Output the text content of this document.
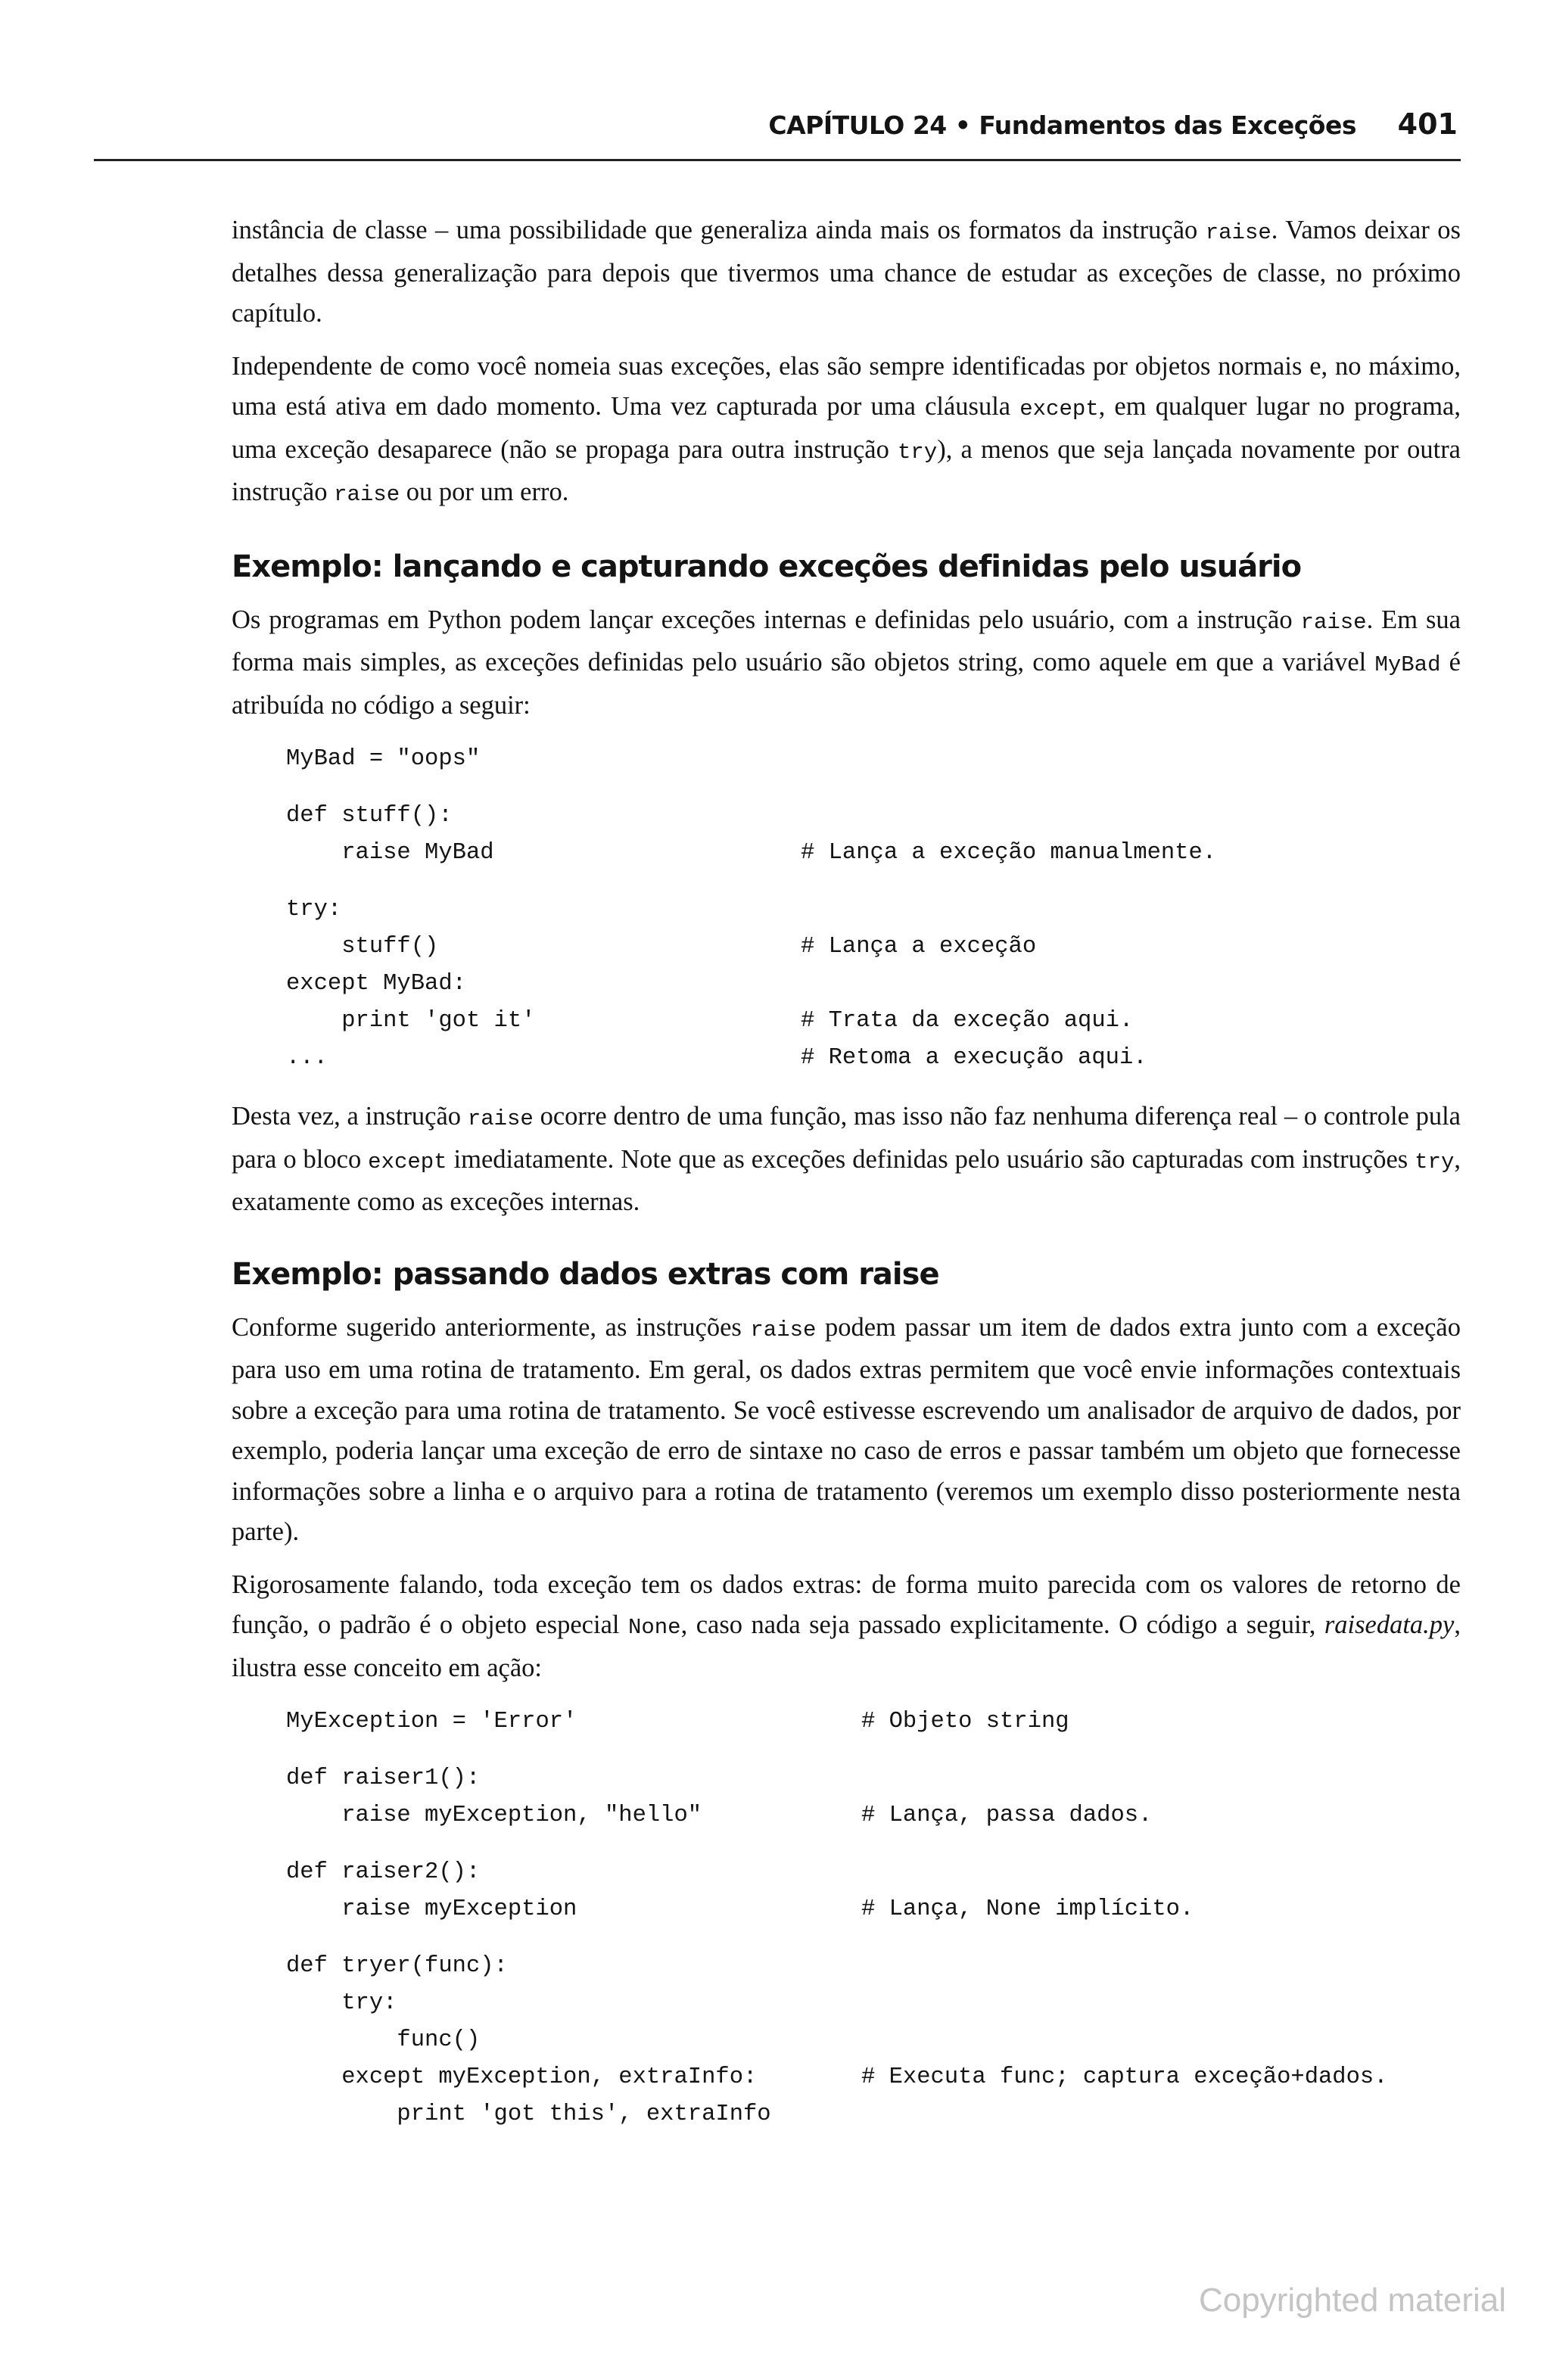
CAPÍTULO 24 • Fundamentos das Exceções 401

instância de classe – uma possibilidade que generaliza ainda mais os formatos da instrução raise. Vamos deixar os detalhes dessa generalização para depois que tivermos uma chance de estudar as exceções de classe, no próximo capítulo.

Independente de como você nomeia suas exceções, elas são sempre identificadas por objetos normais e, no máximo, uma está ativa em dado momento. Uma vez capturada por uma cláusula except, em qualquer lugar no programa, uma exceção desaparece (não se propaga para outra instrução try), a menos que seja lançada novamente por outra instrução raise ou por um erro.

Exemplo: lançando e capturando exceções definidas pelo usuário

Os programas em Python podem lançar exceções internas e definidas pelo usuário, com a instrução raise. Em sua forma mais simples, as exceções definidas pelo usuário são objetos string, como aquele em que a variável MyBad é atribuída no código a seguir:

MyBad = "oops"
def stuff():
raise MyBad	# Lança a exceção manualmente.
try:
stuff()	# Lança a exceção
except MyBad:
print 'got it'	# Trata da exceção aqui.
...	# Retoma a execução aqui.

Desta vez, a instrução raise ocorre dentro de uma função, mas isso não faz nenhuma diferença real – o controle pula para o bloco except imediatamente. Note que as exceções definidas pelo usuário são capturadas com instruções try, exatamente como as exceções internas.

Exemplo: passando dados extras com raise

Conforme sugerido anteriormente, as instruções raise podem passar um item de dados extra junto com a exceção para uso em uma rotina de tratamento. Em geral, os dados extras permitem que você envie informações contextuais sobre a exceção para uma rotina de tratamento. Se você estivesse escrevendo um analisador de arquivo de dados, por exemplo, poderia lançar uma exceção de erro de sintaxe no caso de erros e passar também um objeto que fornecesse informações sobre a linha e o arquivo para a rotina de tratamento (veremos um exemplo disso posteriormente nesta parte).

Rigorosamente falando, toda exceção tem os dados extras: de forma muito parecida com os valores de retorno de função, o padrão é o objeto especial None, caso nada seja passado explicitamente. O código a seguir, raisedata.py, ilustra esse conceito em ação:

MyException = 'Error'	# Objeto string
def raiser1():
raise myException, "hello"	# Lança, passa dados.
def raiser2():
raise myException	# Lança, None implícito.
def tryer(func):
try:
func()
except myException, extraInfo:	# Executa func; captura exceção+dados.
print 'got this', extraInfo
Copyrighted material
